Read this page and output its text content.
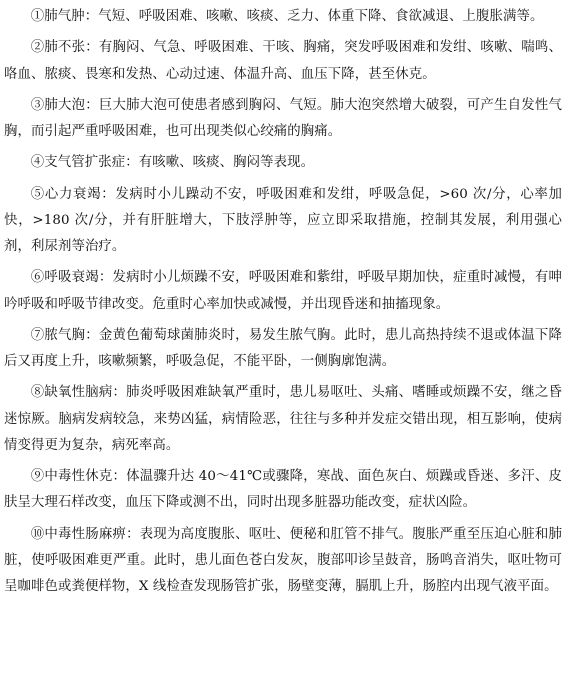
①肺气肿：气短、呼吸困难、咳嗽、咳痰、乏力、体重下降、食欲减退、上腹胀满等。

②肺不张：有胸闷、气急、呼吸困难、干咳、胸痛，突发呼吸困难和发绀、咳嗽、喘鸣、咯血、脓痰、畏寒和发热、心动过速、体温升高、血压下降，甚至休克。

③肺大泡：巨大肺大泡可使患者感到胸闷、气短。肺大泡突然增大破裂，可产生自发性气胸，而引起严重呼吸困难，也可出现类似心绞痛的胸痛。

④支气管扩张症：有咳嗽、咳痰、胸闷等表现。

⑤心力衰竭：发病时小儿躁动不安，呼吸困难和发绀，呼吸急促，>60 次/分，心率加快，>180 次/分，并有肝脏增大，下肢浮肿等，应立即采取措施，控制其发展，利用强心剂，利尿剂等治疗。

⑥呼吸衰竭：发病时小儿烦躁不安，呼吸困难和紫绀，呼吸早期加快，症重时减慢，有呻吟呼吸和呼吸节律改变。危重时心率加快或减慢，并出现昏迷和抽搐现象。

⑦脓气胸：金黄色葡萄球菌肺炎时，易发生脓气胸。此时，患儿高热持续不退或体温下降后又再度上升，咳嗽频繁，呼吸急促，不能平卧，一侧胸廓饱满。

⑧缺氧性脑病：肺炎呼吸困难缺氧严重时，患儿易呕吐、头痛、嗜睡或烦躁不安，继之昏迷惊厥。脑病发病较急，来势凶猛，病情险恶，往往与多种并发症交错出现，相互影响，使病情变得更为复杂，病死率高。

⑨中毒性休克：体温骤升达 40～41℃或骤降，寒战、面色灰白、烦躁或昏迷、多汗、皮肤呈大理石样改变，血压下降或测不出，同时出现多脏器功能改变，症状凶险。

⑩中毒性肠麻痹：表现为高度腹胀、呕吐、便秘和肛管不排气。腹胀严重至压迫心脏和肺脏，使呼吸困难更严重。此时，患儿面色苍白发灰，腹部叩诊呈鼓音，肠鸣音消失，呕吐物可呈咖啡色或粪便样物，X 线检查发现肠管扩张，肠壁变薄，膈肌上升，肠腔内出现气液平面。
